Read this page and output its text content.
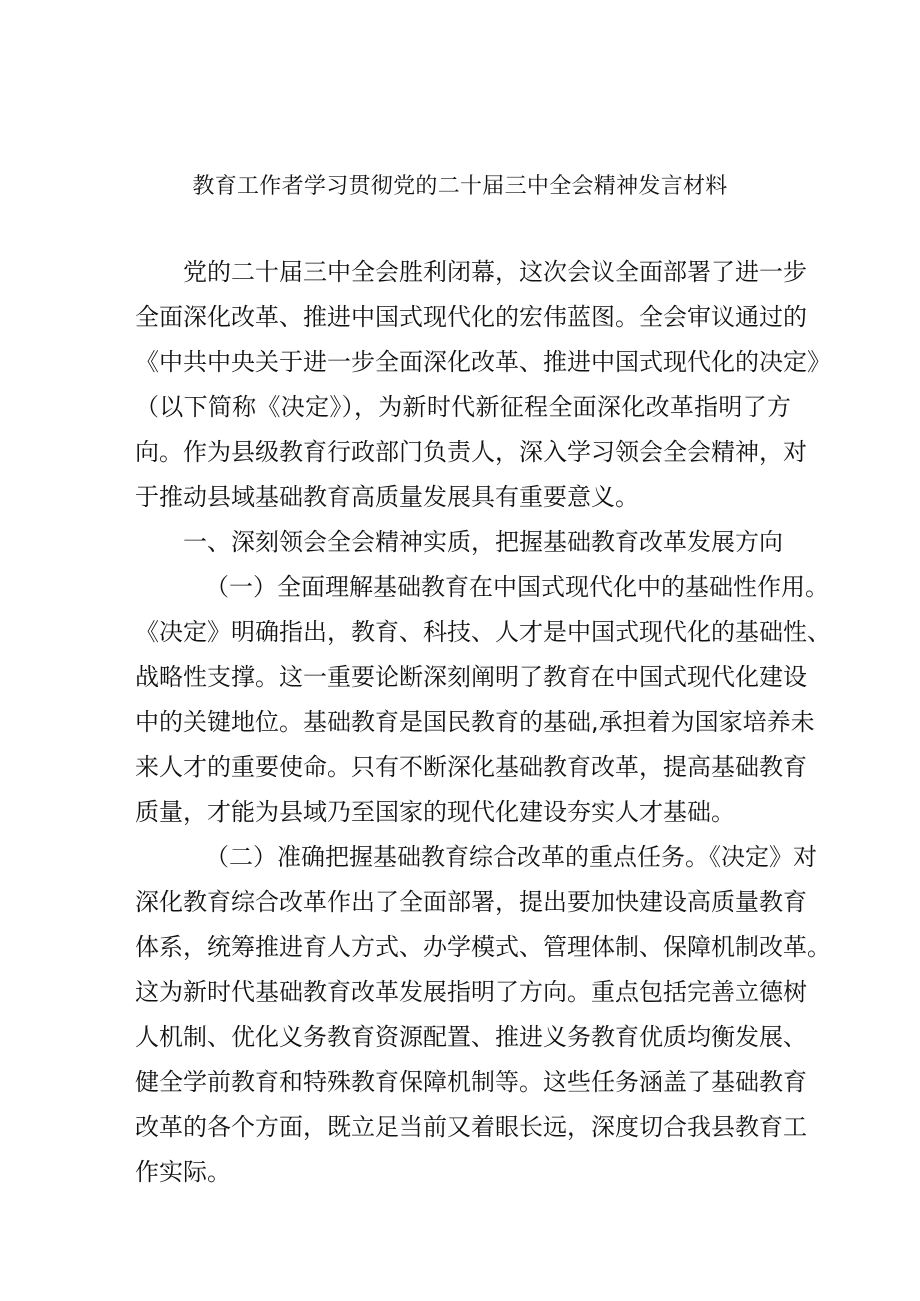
教育工作者学习贯彻党的二十届三中全会精神发言材料
党的二十届三中全会胜利闭幕，这次会议全面部署了进一步
全面深化改革、推进中国式现代化的宏伟蓝图。全会审议通过的
《中共中央关于进一步全面深化改革、推进中国式现代化的决定》
（以下简称《决定》），为新时代新征程全面深化改革指明了方
向。作为县级教育行政部门负责人，深入学习领会全会精神，对
于推动县域基础教育高质量发展具有重要意义。
一、深刻领会全会精神实质，把握基础教育改革发展方向
（一）全面理解基础教育在中国式现代化中的基础性作用。
《决定》明确指出，教育、科技、人才是中国式现代化的基础性、
战略性支撑。这一重要论断深刻阐明了教育在中国式现代化建设
中的关键地位。基础教育是国民教育的基础,承担着为国家培养未
来人才的重要使命。只有不断深化基础教育改革，提高基础教育
质量，才能为县域乃至国家的现代化建设夯实人才基础。
（二）准确把握基础教育综合改革的重点任务。《决定》对
深化教育综合改革作出了全面部署，提出要加快建设高质量教育
体系，统筹推进育人方式、办学模式、管理体制、保障机制改革。
这为新时代基础教育改革发展指明了方向。重点包括完善立德树
人机制、优化义务教育资源配置、推进义务教育优质均衡发展、
健全学前教育和特殊教育保障机制等。这些任务涵盖了基础教育
改革的各个方面，既立足当前又着眼长远，深度切合我县教育工
作实际。
